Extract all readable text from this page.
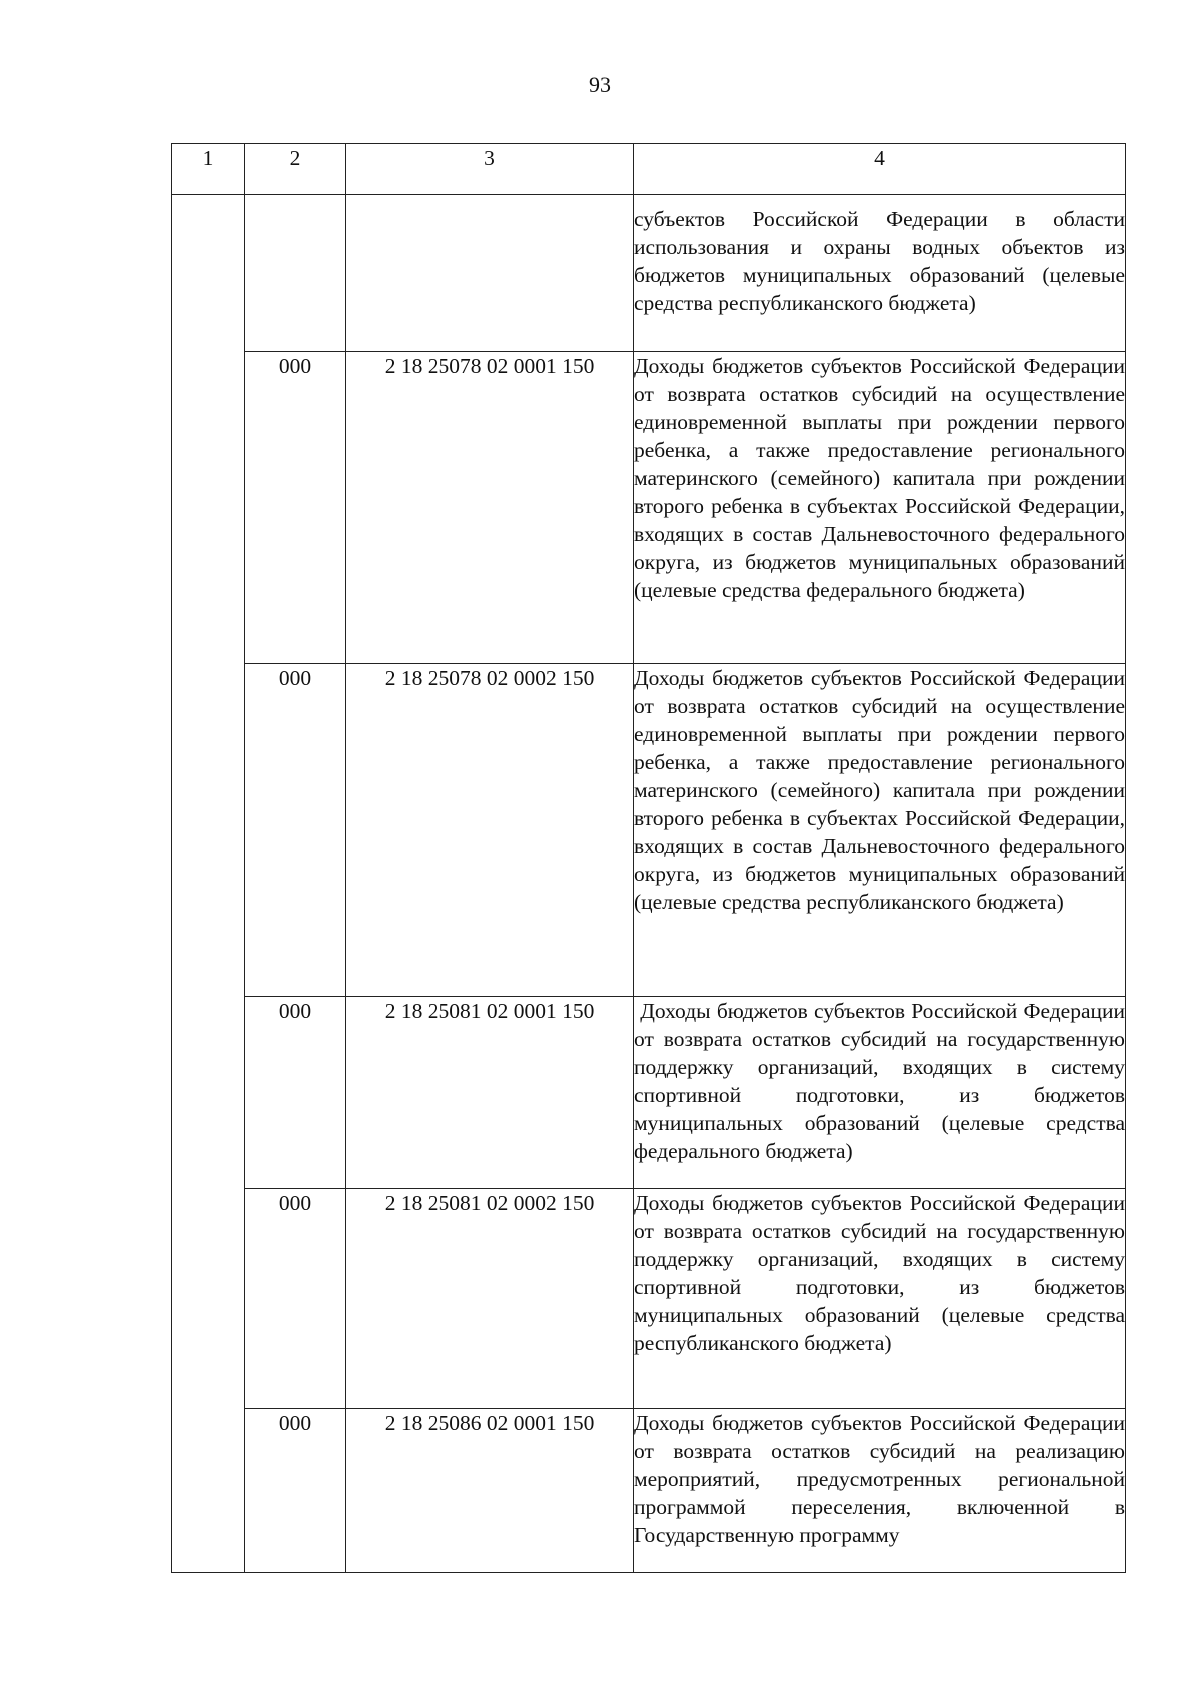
93
1	2	3	4
			субъектов Российской Федерации в области использования и охраны водных объектов из бюджетов муниципальных образований (целевые средства республиканского бюджета)
	000	2 18 25078 02 0001 150	Доходы бюджетов субъектов Российской Федерации от возврата остатков субсидий на осуществление единовременной выплаты при рождении первого ребенка, а также предоставление регионального материнского (семейного) капитала при рождении второго ребенка в субъектах Российской Федерации, входящих в состав Дальневосточного федерального округа, из бюджетов муниципальных образований (целевые средства федерального бюджета)
	000	2 18 25078 02 0002 150	Доходы бюджетов субъектов Российской Федерации от возврата остатков субсидий на осуществление единовременной выплаты при рождении первого ребенка, а также предоставление регионального материнского (семейного) капитала при рождении второго ребенка в субъектах Российской Федерации, входящих в состав Дальневосточного федерального округа, из бюджетов муниципальных образований (целевые средства республиканского бюджета)
	000	2 18 25081 02 0001 150	Доходы бюджетов субъектов Российской Федерации от возврата остатков субсидий на государственную поддержку организаций, входящих в систему спортивной подготовки, из бюджетов муниципальных образований (целевые средства федерального бюджета)
	000	2 18 25081 02 0002 150	Доходы бюджетов субъектов Российской Федерации от возврата остатков субсидий на государственную поддержку организаций, входящих в систему спортивной подготовки, из бюджетов муниципальных образований (целевые средства республиканского бюджета)
	000	2 18 25086 02 0001 150	Доходы бюджетов субъектов Российской Федерации от возврата остатков субсидий на реализацию мероприятий, предусмотренных региональной программой переселения, включенной в Государственную программу
